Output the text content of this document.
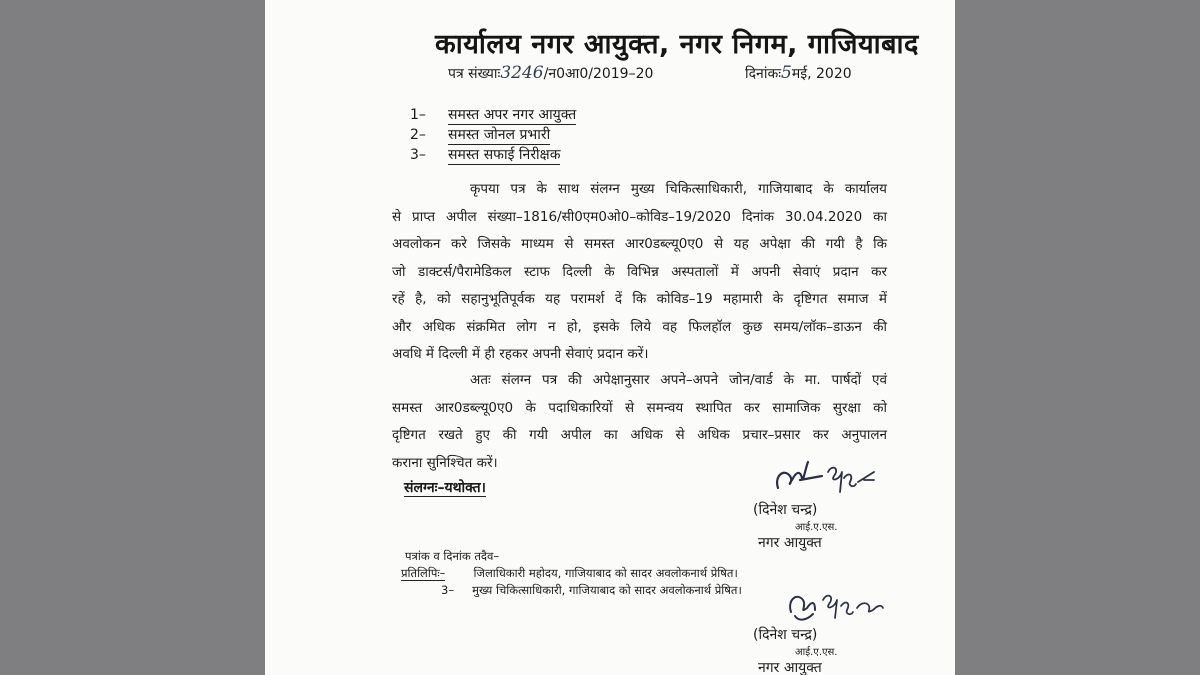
कार्यालय नगर आयुक्त, नगर निगम, गाजियाबाद
पत्र संख्याः3246/न0आ0/2019–20	दिनांकः5मई, 2020
1– समस्त अपर नगर आयुक्त
2– समस्त जोनल प्रभारी
3– समस्त सफाई निरीक्षक
कृपया पत्र के साथ संलग्न मुख्य चिकित्साधिकारी, गाजियाबाद के कार्यालय
से प्राप्त अपील संख्या–1816/सी0एम0ओ0–कोविड–19/2020 दिनांक 30.04.2020 का
अवलोकन करे जिसके माध्यम से समस्त आर0डब्ल्यू0ए0 से यह अपेक्षा की गयी है कि
जो डाक्टर्स/पैरामेडिकल स्टाफ दिल्ली के विभिन्न अस्पतालों में अपनी सेवाएं प्रदान कर
रहें है, को सहानुभूतिपूर्वक यह परामर्श दें कि कोविड–19 महामारी के दृष्टिगत समाज में
और अधिक संक्रमित लोग न हो, इसके लिये वह फिलहॉल कुछ समय/लॉक–डाऊन की
अवधि में दिल्ली में ही रहकर अपनी सेवाएं प्रदान करें।
अतः संलग्न पत्र की अपेक्षानुसार अपने–अपने जोन/वार्ड के मा. पार्षदों एवं
समस्त आर0डब्ल्यू0ए0 के पदाधिकारियों से समन्वय स्थापित कर सामाजिक सुरक्षा को
दृष्टिगत रखते हुए की गयी अपील का अधिक से अधिक प्रचार–प्रसार कर अनुपालन
कराना सुनिश्चित करें।
संलग्नः–यथोक्त।
(दिनेश चन्द्र)
आई.ए.एस.
नगर आयुक्त
पत्रांक व दिनांक तदैव–
प्रतिलिपिः– जिलाधिकारी महोदय, गाजियाबाद को सादर अवलोकनार्थ प्रेषित।
3– मुख्य चिकित्साधिकारी, गाजियाबाद को सादर अवलोकनार्थ प्रेषित।
(दिनेश चन्द्र)
आई.ए.एस.
नगर आयुक्त
